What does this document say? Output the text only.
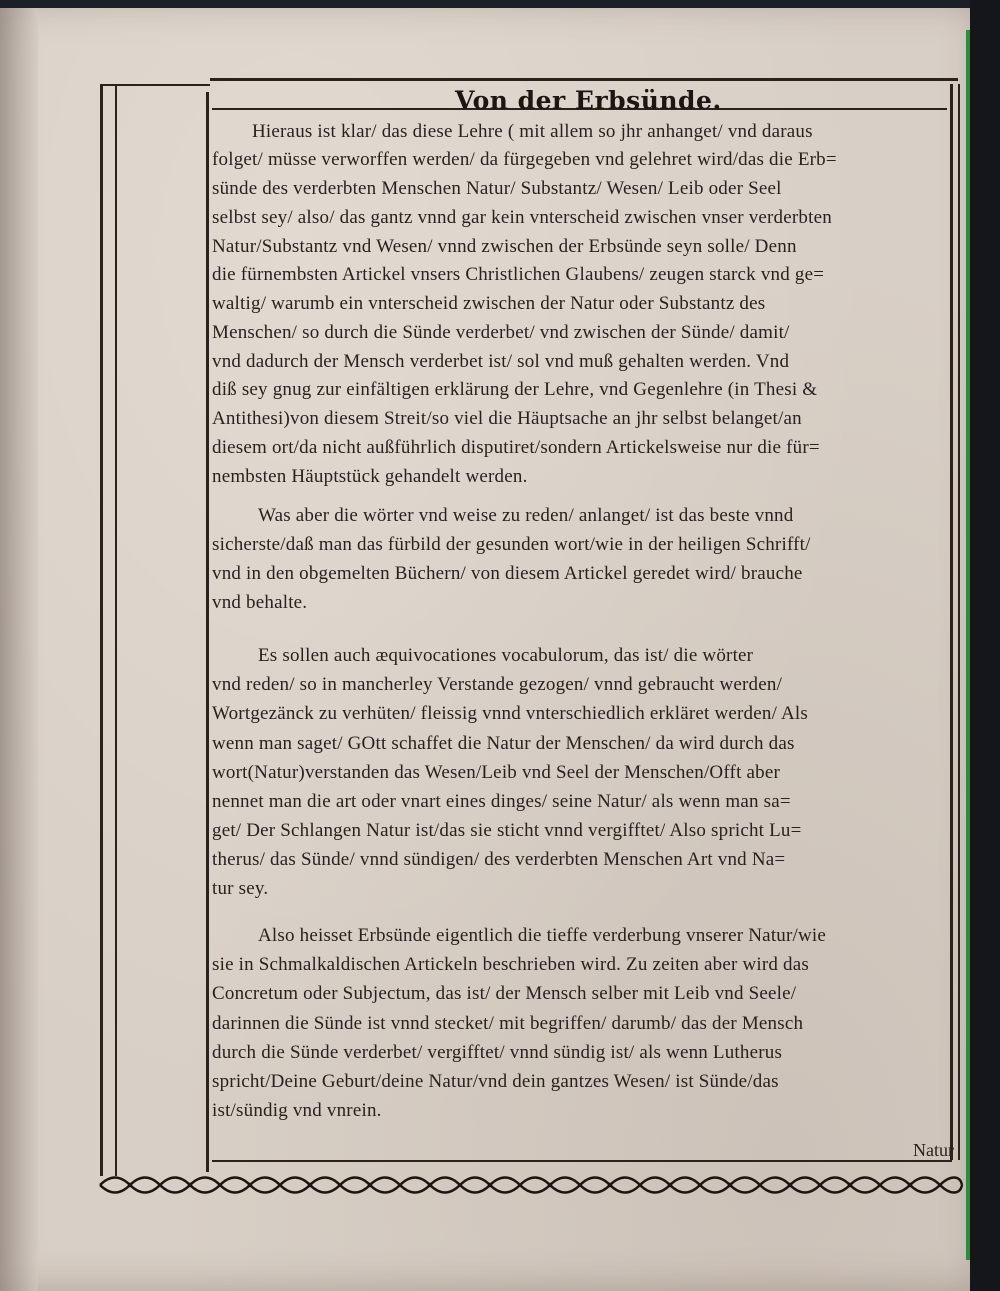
Von der Erbsünde.
Hieraus ist klar/ das diese Lehre ( mit allem so jhr anhanget/ vnd daraus
folget/ müsse verworffen werden/ da fürgegeben vnd gelehret wird/das die Erb=
sünde des verderbten Menschen Natur/ Substantz/ Wesen/ Leib oder Seel
selbst sey/ also/ das gantz vnnd gar kein vnterscheid zwischen vnser verderbten
Natur/Substantz vnd Wesen/ vnnd zwischen der Erbsünde seyn solle/ Denn
die fürnembsten Artickel vnsers Christlichen Glaubens/ zeugen starck vnd ge=
waltig/ warumb ein vnterscheid zwischen der Natur oder Substantz des
Menschen/ so durch die Sünde verderbet/ vnd zwischen der Sünde/ damit/
vnd dadurch der Mensch verderbet ist/ sol vnd muß gehalten werden. Vnd
diß sey gnug zur einfältigen erklärung der Lehre, vnd Gegenlehre (in Thesi &
Antithesi)von diesem Streit/so viel die Häuptsache an jhr selbst belanget/an
diesem ort/da nicht außführlich disputiret/sondern Artickelsweise nur die für=
nembsten Häuptstück gehandelt werden.
Was aber die wörter vnd weise zu reden/ anlanget/ ist das beste vnnd
sicherste/daß man das fürbild der gesunden wort/wie in der heiligen Schrifft/
vnd in den obgemelten Büchern/ von diesem Artickel geredet wird/ brauche
vnd behalte.
Es sollen auch æquivocationes vocabulorum, das ist/ die wörter
vnd reden/ so in mancherley Verstande gezogen/ vnnd gebraucht werden/
Wortgezänck zu verhüten/ fleissig vnnd vnterschiedlich erkläret werden/ Als
wenn man saget/ GOtt schaffet die Natur der Menschen/ da wird durch das
wort(Natur)verstanden das Wesen/Leib vnd Seel der Menschen/Offt aber
nennet man die art oder vnart eines dinges/ seine Natur/ als wenn man sa=
get/ Der Schlangen Natur ist/das sie sticht vnnd vergifftet/ Also spricht Lu=
therus/ das Sünde/ vnnd sündigen/ des verderbten Menschen Art vnd Na=
tur sey.
Also heisset Erbsünde eigentlich die tieffe verderbung vnserer Natur/wie
sie in Schmalkaldischen Artickeln beschrieben wird. Zu zeiten aber wird das
Concretum oder Subjectum, das ist/ der Mensch selber mit Leib vnd Seele/
darinnen die Sünde ist vnnd stecket/ mit begriffen/ darumb/ das der Mensch
durch die Sünde verderbet/ vergifftet/ vnnd sündig ist/ als wenn Lutherus
spricht/Deine Geburt/deine Natur/vnd dein gantzes Wesen/ ist Sünde/das
ist/sündig vnd vnrein.
Natur
